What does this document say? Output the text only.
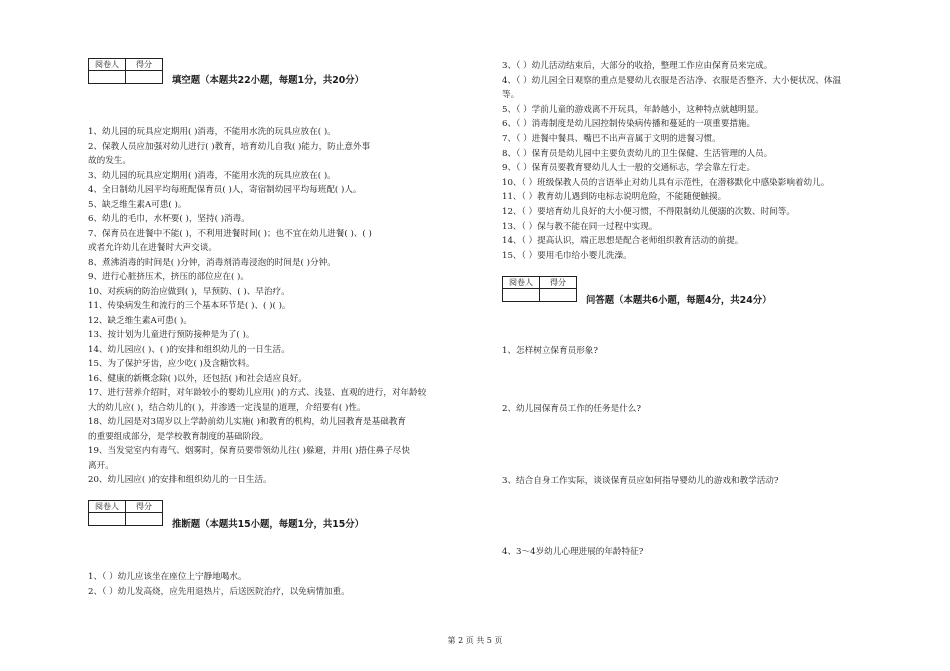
阅卷人	得分

填空题（本题共22小题，每题1分，共20分）
1、幼儿园的玩具应定期用( )消毒，不能用水洗的玩具应放在( )。
2、保教人员应加强对幼儿进行( )教育，培育幼儿自我( )能力，防止意外事
故的发生。
3、幼儿园的玩具应定期用( )消毒，不能用水洗的玩具应放在( )。
4、全日制幼儿园平均每班配保育员( )人，寄宿制幼园平均每班配( )人。
5、缺乏维生素A可患( )。
6、幼儿的毛巾，水杯要( )，坚持( )消毒。
7、保育员在进餐中不能( )，不利用进餐时间( )；也不宜在幼儿进餐( )、( )
或者允许幼儿在进餐时大声交谈。
8、煮沸消毒的时间是( )分钟，消毒剂消毒浸泡的时间是( )分钟。
9、进行心脏挤压术，挤压的部位应在( )。
10、对疾病的防治应做到( )，早预防、( )、早治疗。
11、传染病发生和流行的三个基本环节是( )、( )( )。
12、缺乏维生素A可患( )。
13、按计划为儿童进行预防接种是为了( )。
14、幼儿园应( )、( )的安排和组织幼儿的一日生活。
15、为了保护牙齿，应少吃( )及含糖饮料。
16、健康的新概念除( )以外，还包括( )和社会适应良好。
17、进行营养介绍时，对年龄较小的婴幼儿应用( )的方式、浅显、直观的进行，对年龄较
大的幼儿应( )，结合幼儿的( )，并渗透一定浅显的道理，介绍要有( )性。
18、幼儿园是对3周岁以上学龄前幼儿实施( )和教育的机构，幼儿园教育是基础教育
的重要组成部分，是学校教育制度的基础阶段。
19、当发觉室内有毒气、烟雾时，保育员要带领幼儿往( )躲避，并用( )捂住鼻子尽快
离开。
20、幼儿园应( )的安排和组织幼儿的一日生活。
阅卷人	得分

推断题（本题共15小题，每题1分，共15分）
1、（ ）幼儿应该坐在座位上宁静地喝水。
2、（ ）幼儿发高烧，应先用退热片，后送医院治疗，以免病情加重。
3、（ ）幼儿活动结束后，大部分的收拾，整理工作应由保育员来完成。
4、（ ）幼儿园全日观察的重点是婴幼儿衣服是否洁净、衣服是否整齐、大小便状况、体温
等。
5、（ ）学前儿童的游戏离不开玩具，年龄越小，这种特点就越明显。
6、（ ）消毒制度是幼儿园控制传染病传播和蔓延的一项重要措施。
7、（ ）进餐中餐具、嘴巴不出声音属于文明的进餐习惯。
8、（ ）保育员是幼儿园中主要负责幼儿的卫生保健、生活管理的人员。
9、（ ）保育员要教育婴幼儿人士一般的交通标志，学会靠左行走。
10、（ ）班级保教人员的言语举止对幼儿具有示范性，在潜移默化中感染影响着幼儿。
11、（ ）教育幼儿遇到防电标志说明危险，不能随便触摸。
12、（ ）要培育幼儿良好的大小便习惯，不得限制幼儿便溺的次数、时间等。
13、（ ）保与教不能在同一过程中实现。
14、（ ）提高认识，端正思想是配合老师组织教育活动的前提。
15、（ ）要用毛巾给小婴儿洗澡。
阅卷人	得分

问答题（本题共6小题，每题4分，共24分）
1、怎样树立保育员形象?
2、幼儿园保育员工作的任务是什么?
3、结合自身工作实际，谈谈保育员应如何指导婴幼儿的游戏和教学活动?
4、3～4岁幼儿心理进展的年龄特征?
第 2 页 共 5 页
